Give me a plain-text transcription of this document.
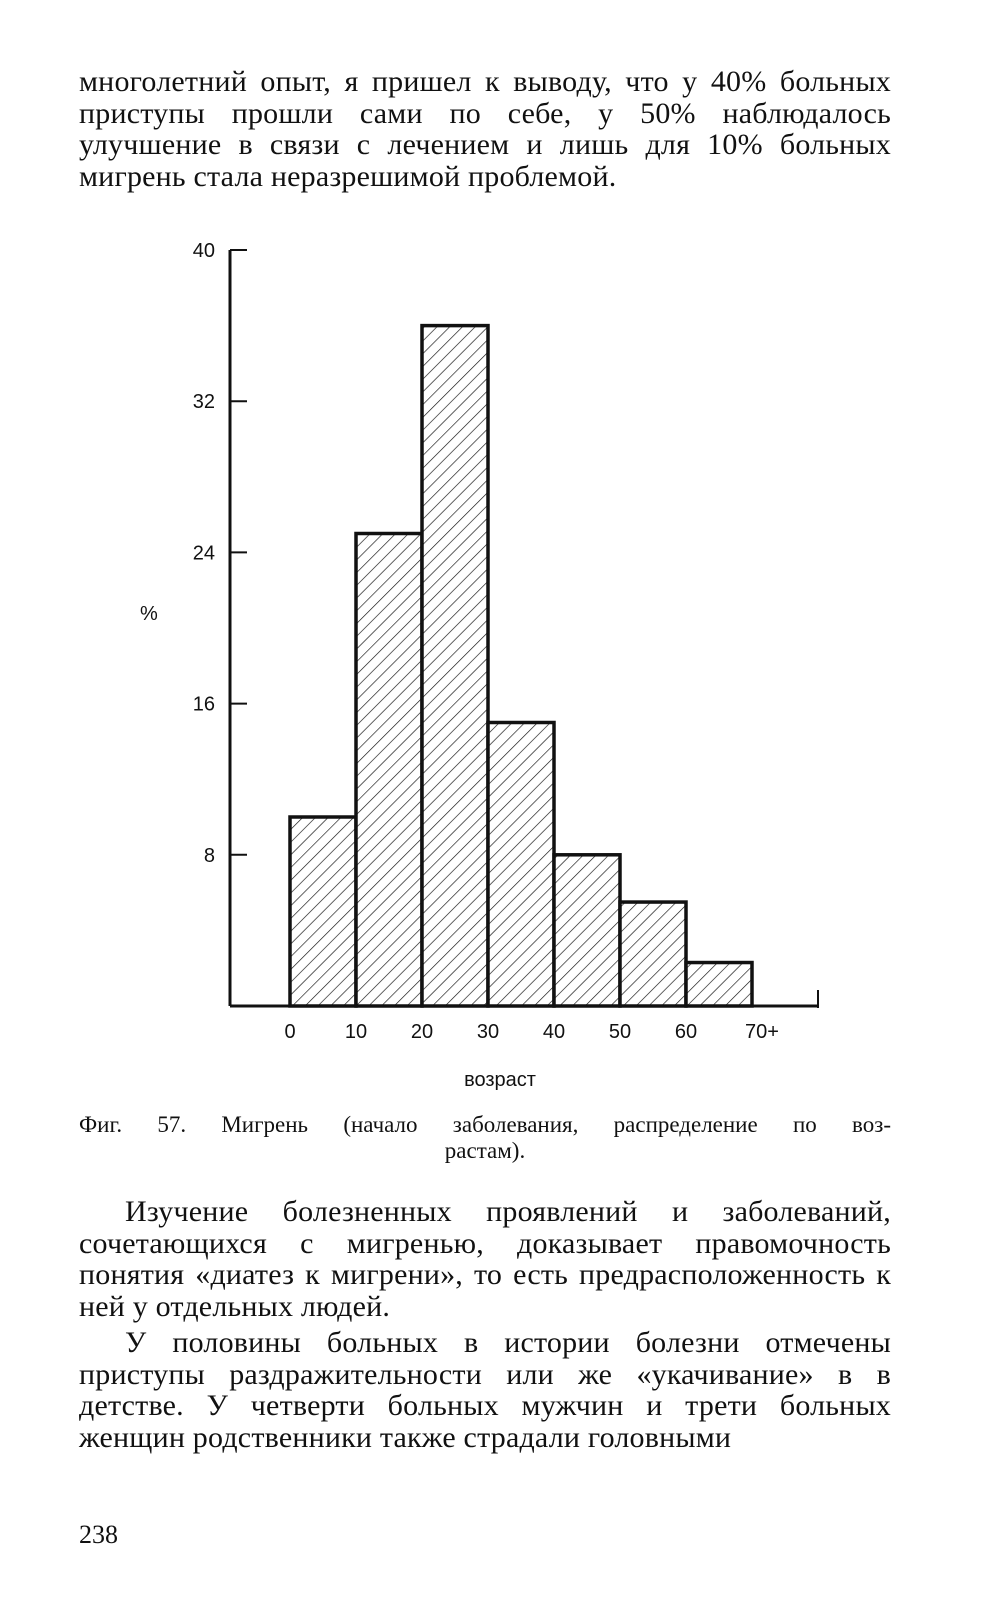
многолетний опыт, я пришел к выводу, что у 40% больных приступы прошли сами по себе, у 50% наблюдалось улучшение в связи с лечением и лишь для 10% больных мигрень стала неразрешимой проблемой.

8
16
24
32
40
0 10 20 30 40 50 60 70+
%
возраст

Фиг. 57. Мигрень (начало заболевания, распределение по воз-
растам).

Изучение болезненных проявлений и заболеваний, сочетающихся с мигренью, доказывает правомочность понятия «диатез к мигрени», то есть предрасположенность к ней у отдельных людей.

У половины больных в истории болезни отмечены приступы раздражительности или же «укачивание» в в детстве. У четверти больных мужчин и трети больных женщин родственники также страдали головными

238
